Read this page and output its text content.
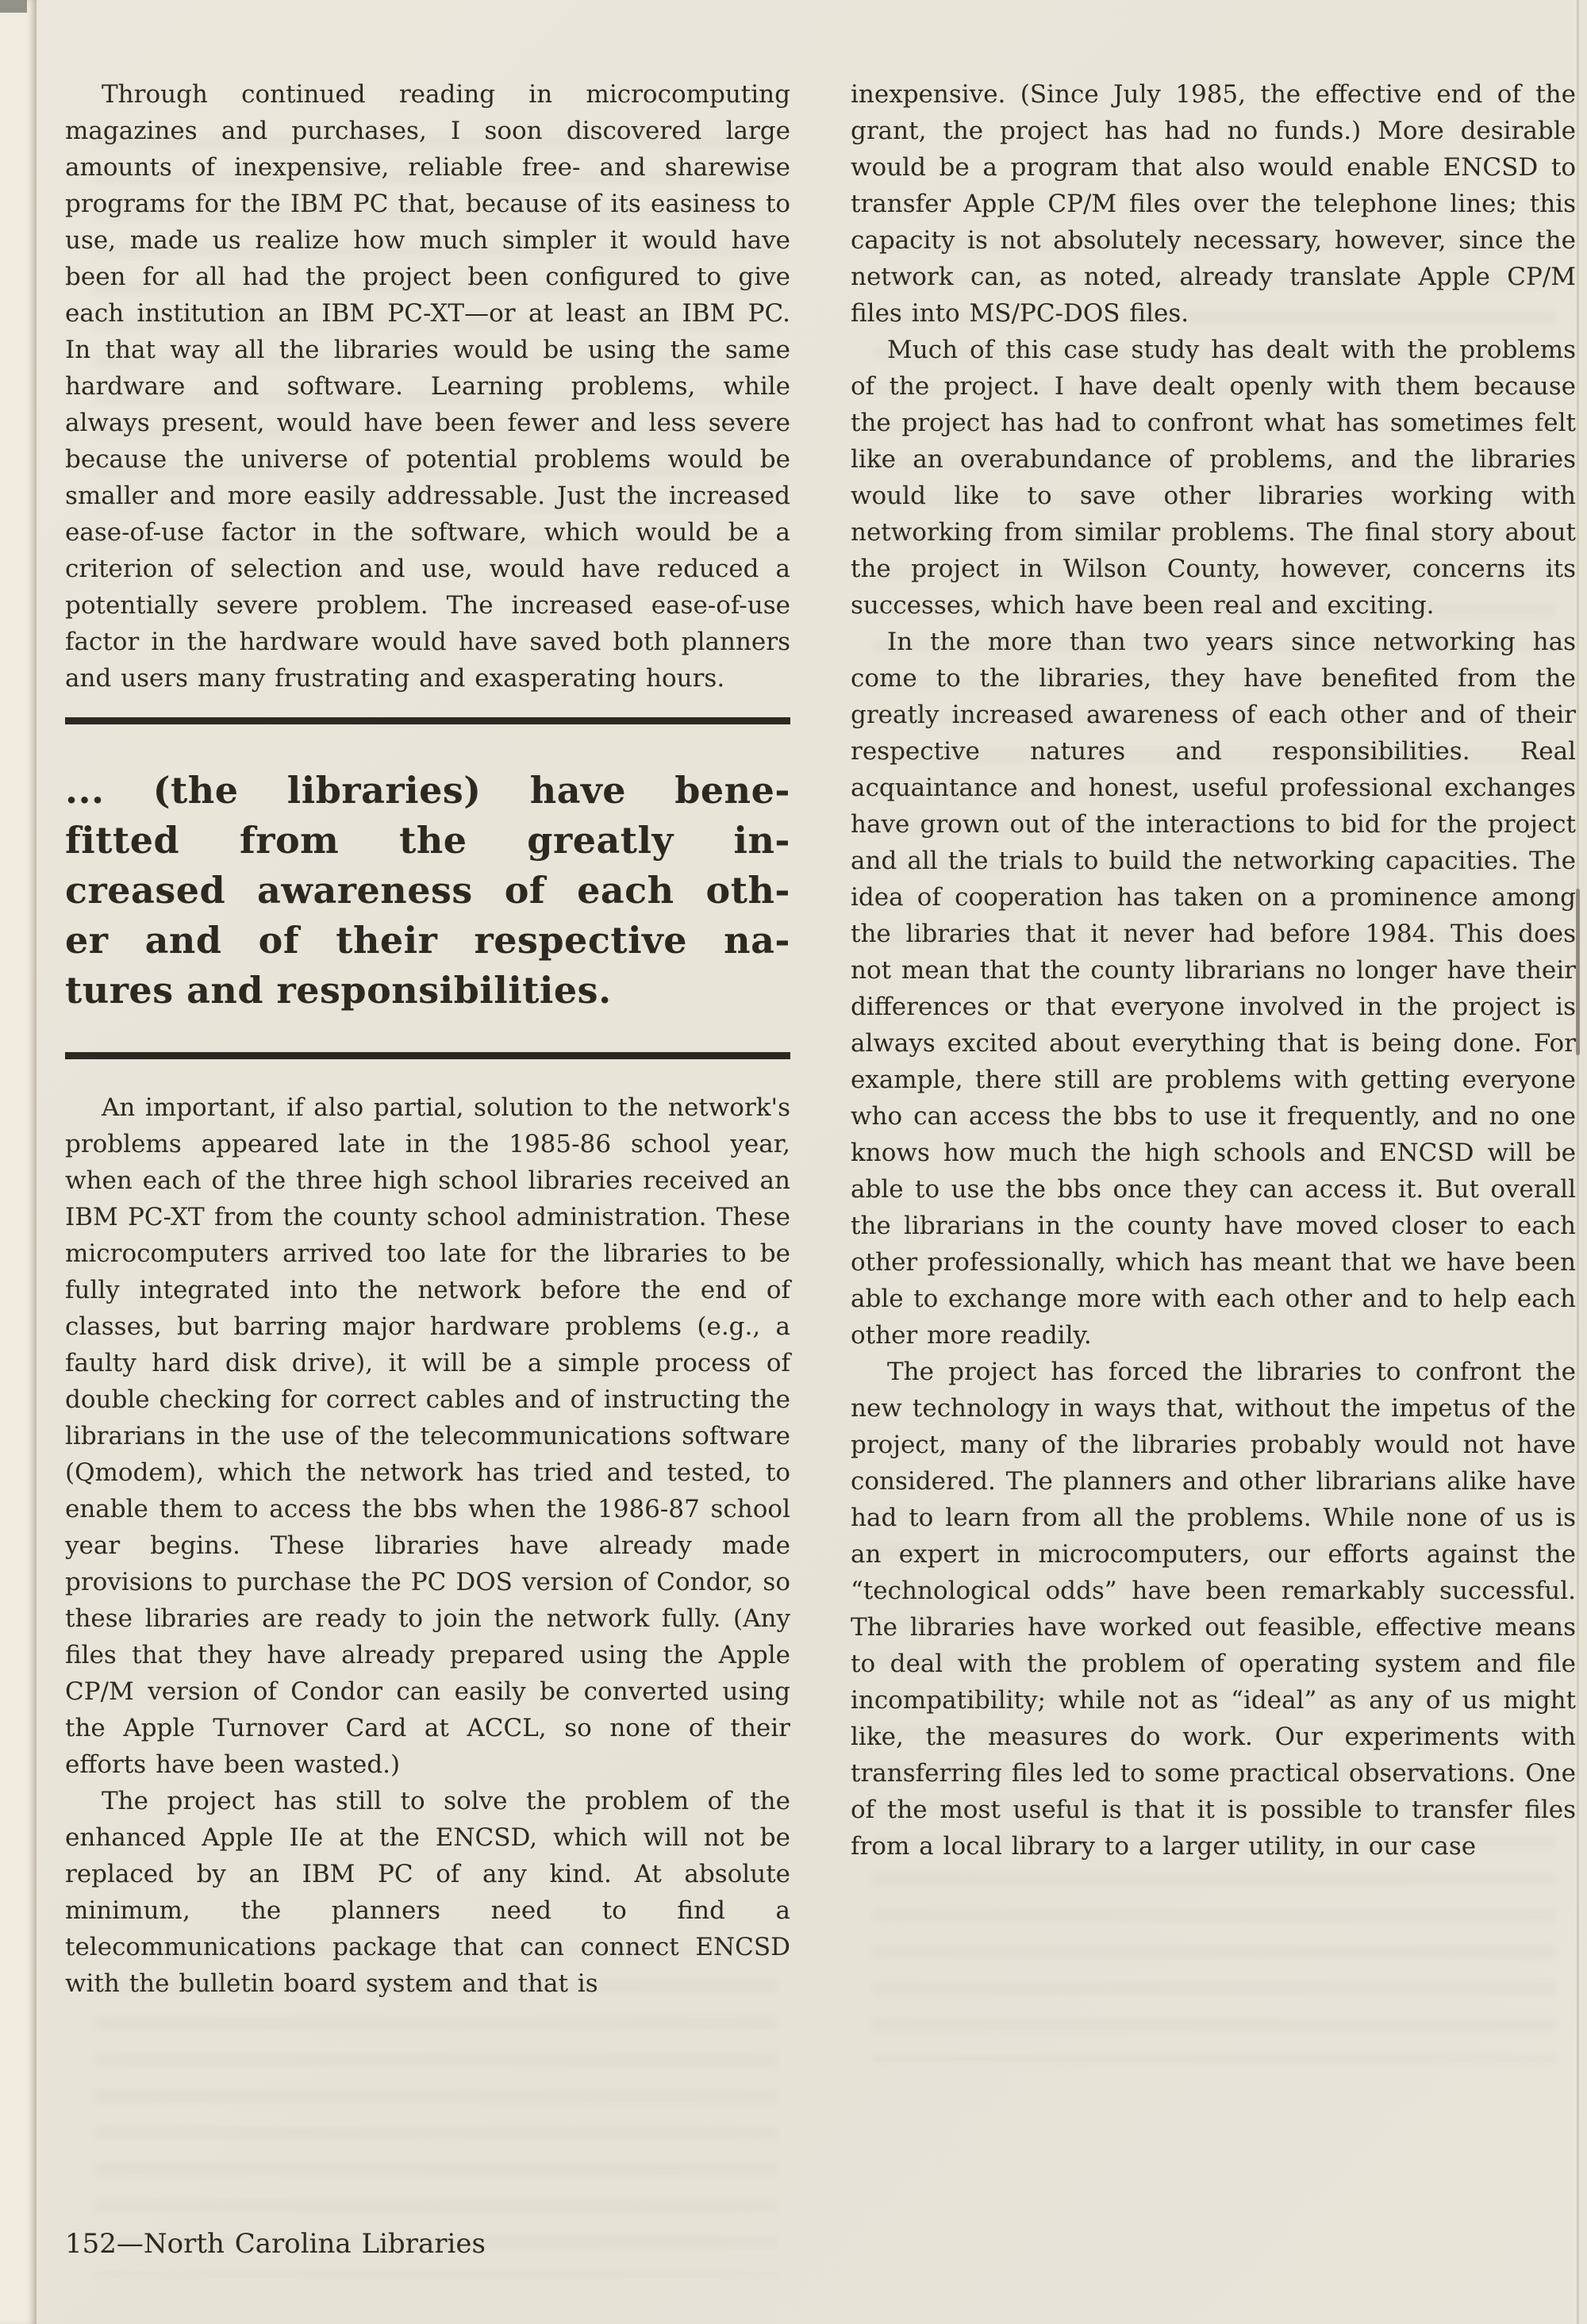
Through continued reading in microcomputing magazines and purchases, I soon discovered large amounts of inexpensive, reliable free- and sharewise programs for the IBM PC that, because of its easiness to use, made us realize how much simpler it would have been for all had the project been configured to give each institution an IBM PC-XT—or at least an IBM PC. In that way all the libraries would be using the same hardware and software. Learning problems, while always present, would have been fewer and less severe because the universe of potential problems would be smaller and more easily addressable. Just the increased ease-of-use factor in the software, which would be a criterion of selection and use, would have reduced a potentially severe problem. The increased ease-of-use factor in the hardware would have saved both planners and users many frustrating and exasperating hours.

... (the libraries) have bene-
fitted from the greatly in-
creased awareness of each oth-
er and of their respective na-
tures and responsibilities.

An important, if also partial, solution to the network's problems appeared late in the 1985-86 school year, when each of the three high school libraries received an IBM PC-XT from the county school administration. These microcomputers arrived too late for the libraries to be fully integrated into the network before the end of classes, but barring major hardware problems (e.g., a faulty hard disk drive), it will be a simple process of double checking for correct cables and of instructing the librarians in the use of the telecommunications software (Qmodem), which the network has tried and tested, to enable them to access the bbs when the 1986-87 school year begins. These libraries have already made provisions to purchase the PC DOS version of Condor, so these libraries are ready to join the network fully. (Any files that they have already prepared using the Apple CP/M version of Condor can easily be converted using the Apple Turnover Card at ACCL, so none of their efforts have been wasted.)

The project has still to solve the problem of the enhanced Apple IIe at the ENCSD, which will not be replaced by an IBM PC of any kind. At absolute minimum, the planners need to find a telecommunications package that can connect ENCSD with the bulletin board system and that is

inexpensive. (Since July 1985, the effective end of the grant, the project has had no funds.) More desirable would be a program that also would enable ENCSD to transfer Apple CP/M files over the telephone lines; this capacity is not absolutely necessary, however, since the network can, as noted, already translate Apple CP/M files into MS/PC-DOS files.

Much of this case study has dealt with the problems of the project. I have dealt openly with them because the project has had to confront what has sometimes felt like an overabundance of problems, and the libraries would like to save other libraries working with networking from similar problems. The final story about the project in Wilson County, however, concerns its successes, which have been real and exciting.

In the more than two years since networking has come to the libraries, they have benefited from the greatly increased awareness of each other and of their respective natures and responsibilities. Real acquaintance and honest, useful professional exchanges have grown out of the interactions to bid for the project and all the trials to build the networking capacities. The idea of cooperation has taken on a prominence among the libraries that it never had before 1984. This does not mean that the county librarians no longer have their differences or that everyone involved in the project is always excited about everything that is being done. For example, there still are problems with getting everyone who can access the bbs to use it frequently, and no one knows how much the high schools and ENCSD will be able to use the bbs once they can access it. But overall the librarians in the county have moved closer to each other professionally, which has meant that we have been able to exchange more with each other and to help each other more readily.

The project has forced the libraries to confront the new technology in ways that, without the impetus of the project, many of the libraries probably would not have considered. The planners and other librarians alike have had to learn from all the problems. While none of us is an expert in microcomputers, our efforts against the “technological odds” have been remarkably successful. The libraries have worked out feasible, effective means to deal with the problem of operating system and file incompatibility; while not as “ideal” as any of us might like, the measures do work. Our experiments with transferring files led to some practical observations. One of the most useful is that it is possible to transfer files from a local library to a larger utility, in our case

152—North Carolina Libraries
